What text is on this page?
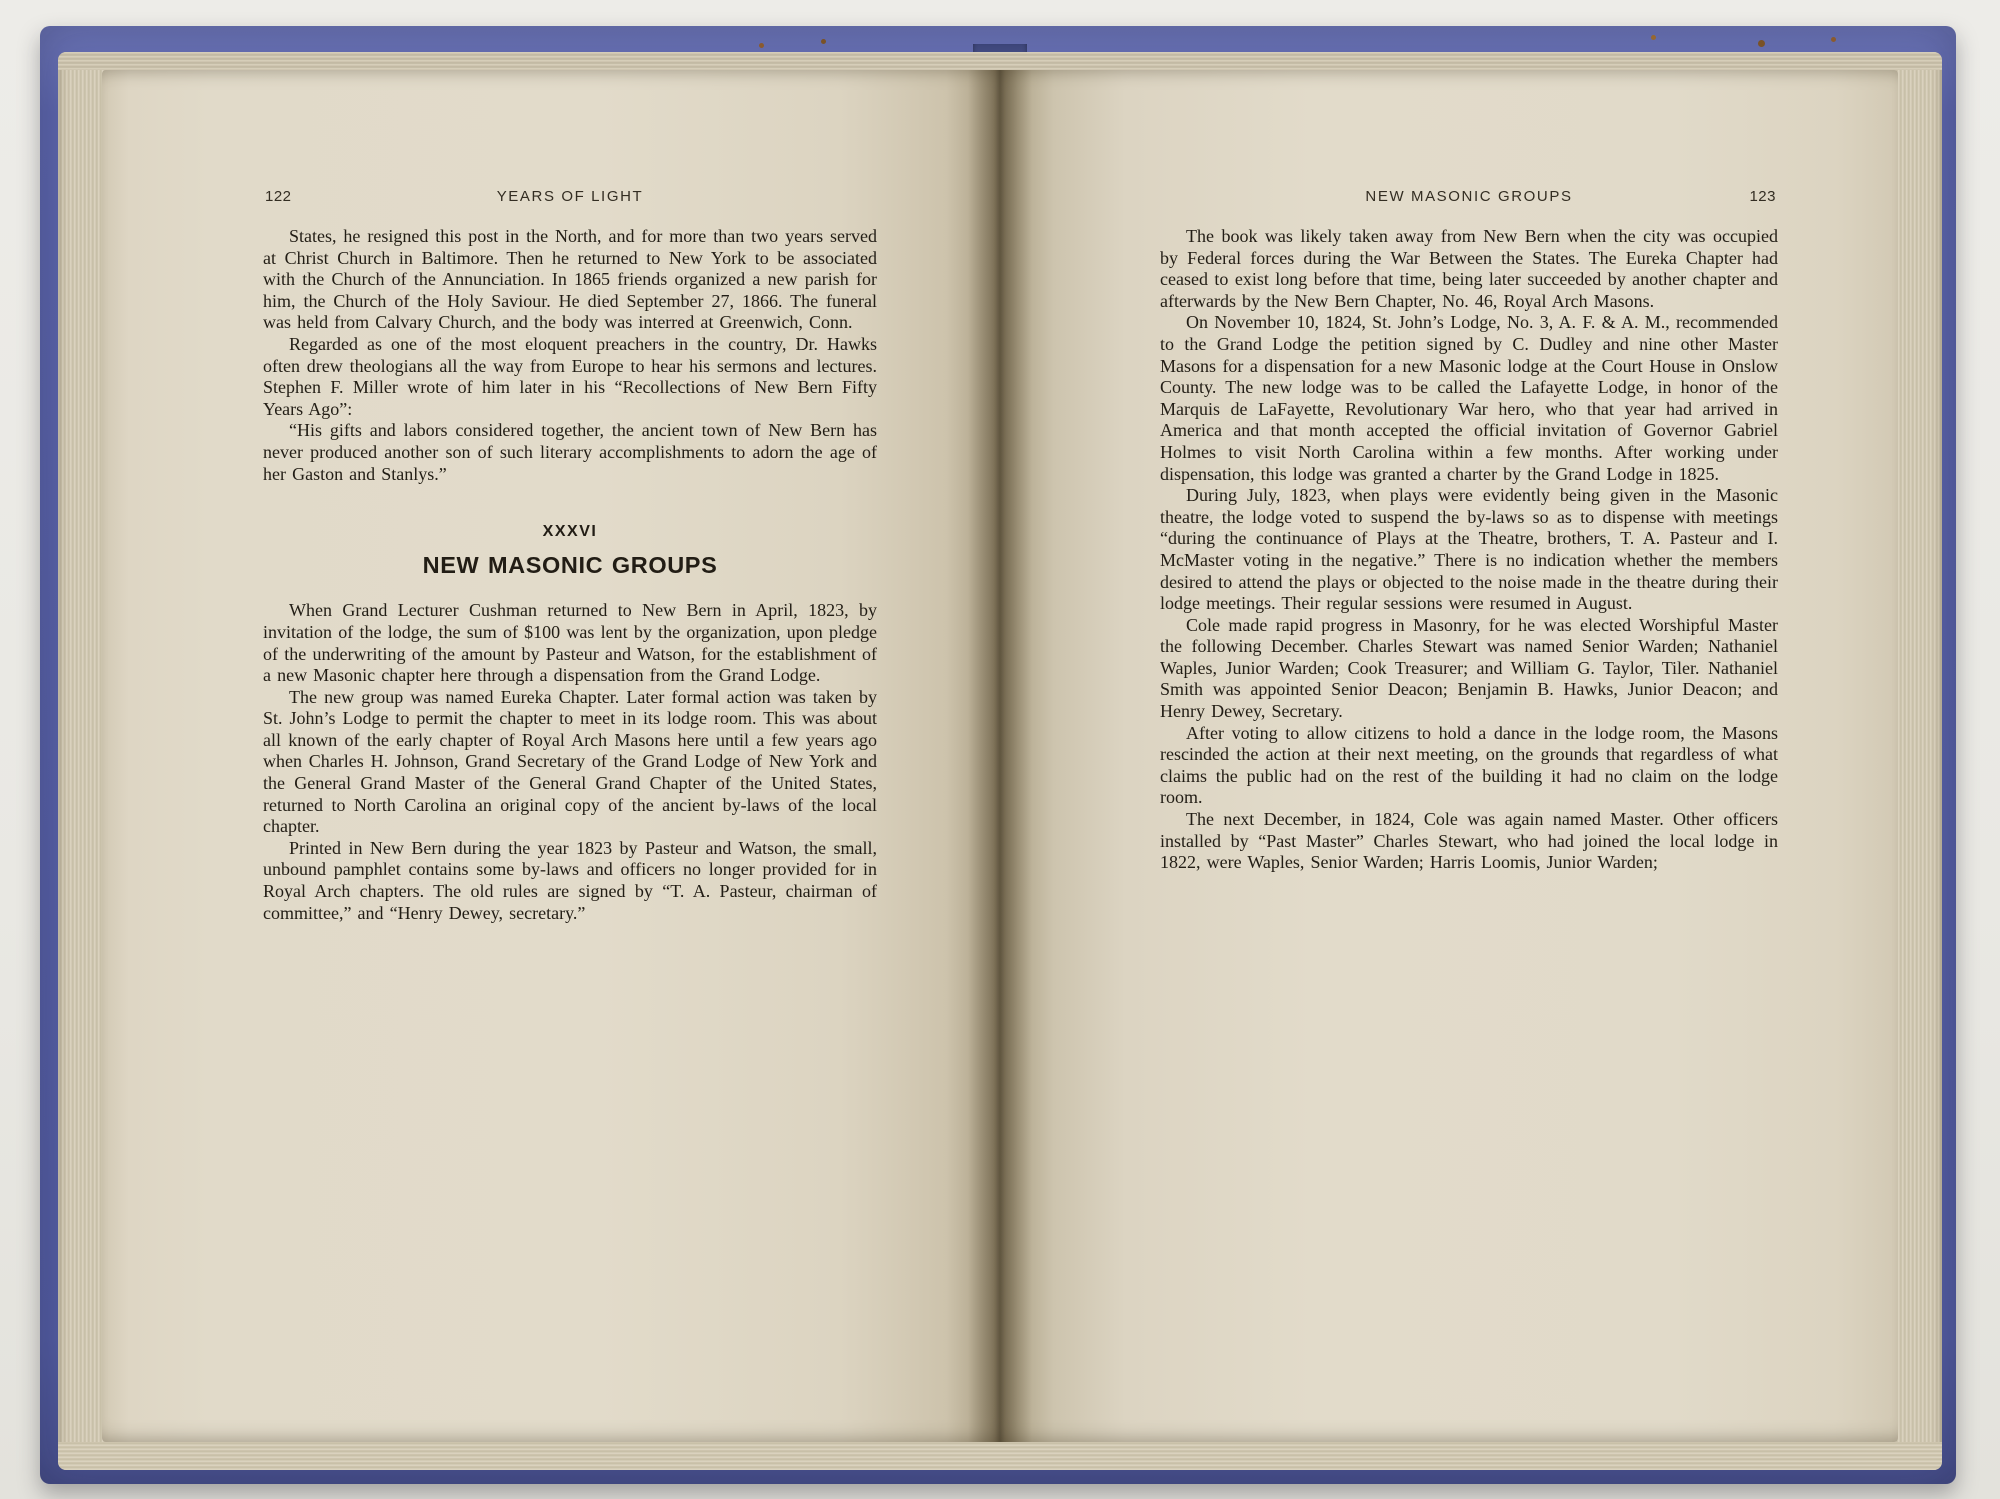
122	YEARS OF LIGHT

States, he resigned this post in the North, and for more than two years served at Christ Church in Baltimore. Then he returned to New York to be associated with the Church of the Annunciation. In 1865 friends organized a new parish for him, the Church of the Holy Saviour. He died September 27, 1866. The funeral was held from Calvary Church, and the body was interred at Greenwich, Conn.

Regarded as one of the most eloquent preachers in the country, Dr. Hawks often drew theologians all the way from Europe to hear his sermons and lectures. Stephen F. Miller wrote of him later in his “Recollections of New Bern Fifty Years Ago”:

“His gifts and labors considered together, the ancient town of New Bern has never produced another son of such literary accomplishments to adorn the age of her Gaston and Stanlys.”

XXXVI
NEW MASONIC GROUPS

When Grand Lecturer Cushman returned to New Bern in April, 1823, by invitation of the lodge, the sum of $100 was lent by the organization, upon pledge of the underwriting of the amount by Pasteur and Watson, for the establishment of a new Masonic chapter here through a dispensation from the Grand Lodge.

The new group was named Eureka Chapter. Later formal action was taken by St. John’s Lodge to permit the chapter to meet in its lodge room. This was about all known of the early chapter of Royal Arch Masons here until a few years ago when Charles H. Johnson, Grand Secretary of the Grand Lodge of New York and the General Grand Master of the General Grand Chapter of the United States, returned to North Carolina an original copy of the ancient by-laws of the local chapter.

Printed in New Bern during the year 1823 by Pasteur and Watson, the small, unbound pamphlet contains some by-laws and officers no longer provided for in Royal Arch chapters. The old rules are signed by “T. A. Pasteur, chairman of committee,” and “Henry Dewey, secretary.”

NEW MASONIC GROUPS	123

The book was likely taken away from New Bern when the city was occupied by Federal forces during the War Between the States. The Eureka Chapter had ceased to exist long before that time, being later succeeded by another chapter and afterwards by the New Bern Chapter, No. 46, Royal Arch Masons.

On November 10, 1824, St. John’s Lodge, No. 3, A. F. & A. M., recommended to the Grand Lodge the petition signed by C. Dudley and nine other Master Masons for a dispensation for a new Masonic lodge at the Court House in Onslow County. The new lodge was to be called the Lafayette Lodge, in honor of the Marquis de LaFayette, Revolutionary War hero, who that year had arrived in America and that month accepted the official invitation of Governor Gabriel Holmes to visit North Carolina within a few months. After working under dispensation, this lodge was granted a charter by the Grand Lodge in 1825.

During July, 1823, when plays were evidently being given in the Masonic theatre, the lodge voted to suspend the by-laws so as to dispense with meetings “during the continuance of Plays at the Theatre, brothers, T. A. Pasteur and I. McMaster voting in the negative.” There is no indication whether the members desired to attend the plays or objected to the noise made in the theatre during their lodge meetings. Their regular sessions were resumed in August.

Cole made rapid progress in Masonry, for he was elected Worshipful Master the following December. Charles Stewart was named Senior Warden; Nathaniel Waples, Junior Warden; Cook Treasurer; and William G. Taylor, Tiler. Nathaniel Smith was appointed Senior Deacon; Benjamin B. Hawks, Junior Deacon; and Henry Dewey, Secretary.

After voting to allow citizens to hold a dance in the lodge room, the Masons rescinded the action at their next meeting, on the grounds that regardless of what claims the public had on the rest of the building it had no claim on the lodge room.

The next December, in 1824, Cole was again named Master. Other officers installed by “Past Master” Charles Stewart, who had joined the local lodge in 1822, were Waples, Senior Warden; Harris Loomis, Junior Warden;
